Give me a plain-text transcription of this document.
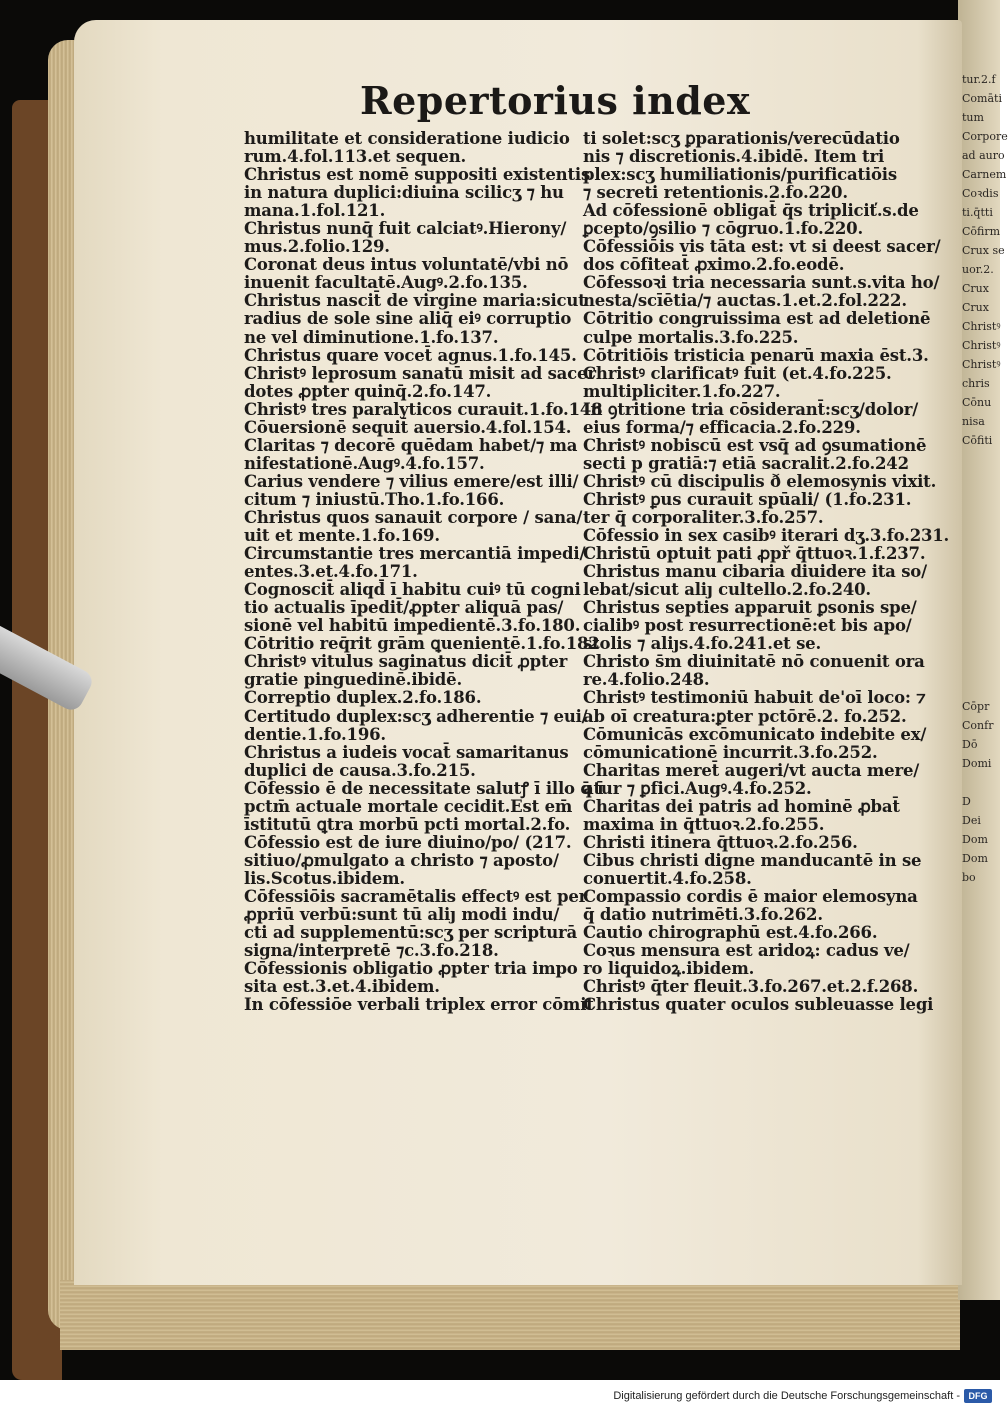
tur.2.f
Comāti
tum
Corpore
ad auro
Carnem
Coꝛdis
ti.q̄tti
Cōfirm
Crux se
uor.2.
Crux
Crux
Christꝰ
Christꝰ
Christꝰ
chris
Cōnu
nisa
Cōfiti
Cōpr
Confr
Dō
Domi
D
Dei
Dom
Dom
bo
Repertorius index
humilitate et consideratione iudicio
rum.4.fol.113.et sequen.
Christus est nomē suppositi existentis
in natura duplici:diuina scilicʒ ⁊ hu
mana.1.fol.121.
Christus nunq̄ fuit calciatꝰ.Hierony/
mus.2.folio.129.
Coronat deus intus voluntatē/vbi nō
inuenit facultatē.Augꝰ.2.fo.135.
Christus nascit̄ de virgine maria:sicut
radius de sole sine aliq̄ eiꝰ corruptio
ne vel diminutione.1.fo.137.
Christus quare vocet̄ agnus.1.fo.145.
Christꝰ leprosum sanatū misit ad sacer
dotes ꝓpter quinq̄.2.fo.147.
Christꝰ tres paralyticos curauit.1.fo.148
Cōuersionē sequit̄ auersio.4.fol.154.
Claritas ⁊ decorē quēdam habet/⁊ ma
nifestationē.Augꝰ.4.fo.157.
Carius vendere ⁊ vilius emere/est illi/
citum ⁊ iniustū.Tho.1.fo.166.
Christus quos sanauit corpore / sana/
uit et mente.1.fo.169.
Circumstantie tres mercantiā impedi/
entes.3.et.4.fo.171.
Cognoscit̄ aliqd̄ ī habitu cuiꝰ tū cogni
tio actualis īpedit̄/ꝓpter aliquā pas/
sionē vel habitū impedientē.3.fo.180.
Cōtritio req̄rit grām ꝗuenientē.1.fo.182
Christꝰ vitulus saginatus dicit̄ ꝓpter
gratie pinguedinē.ibidē.
Correptio duplex.2.fo.186.
Certitudo duplex:scʒ adherentie ⁊ eui/
dentie.1.fo.196.
Christus a iudeis vocat̄ samaritanus
duplici de causa.3.fo.215.
Cōfessio ē de necessitate salutꝭ ī illo q̄ ī
pctm̄ actuale mortale cecidit.Est em̄
īstitutū ꝗtra morbū pcti mortal.2.fo.
Cōfessio est de iure diuino/po/ (217.
sitiuo/ꝓmulgato a christo ⁊ aposto/
lis.Scotus.ibidem.
Cōfessiōis sacramētalis effectꝰ est per
ꝓpriū verbū:sunt tū aliȷ modi indu/
cti ad supplementū:scʒ per scripturā
signa/interpretē ⁊c.3.fo.218.
Cōfessionis obligatio ꝓpter tria impo
sita est.3.et.4.ibidem.
In cōfessiōe verbali triplex error cōmit
ti solet:scʒ ꝑparationis/verecūdatio
nis ⁊ discretionis.4.ibidē. Item tri
plex:scʒ humiliationis/purificatiōis
⁊ secreti retentionis.2.fo.220.
Ad cōfessionē obligat̄ q̄s tripliciť.s.de
ꝑcepto/ꝯsilio ⁊ cōgruo.1.fo.220.
Cōfessiōis vis tāta est: vt si deest sacer/
dos cōfiteat̄ ꝓximo.2.fo.eodē.
Cōfessoꝛi tria necessaria sunt.s.vita ho/
nesta/scīētia/⁊ auctas.1.et.2.fol.222.
Cōtritio congruissima est ad deletionē
culpe mortalis.3.fo.225.
Cōtritiōis tristicia penarū maxia ēst.3.
Christꝰ clarificatꝰ fuit (et.4.fo.225.
multipliciter.1.fo.227.
In ꝯtritione tria cōsiderant̄:scʒ/dolor/
eius forma/⁊ efficacia.2.fo.229.
Christꝰ nobiscū est vsq̄ ad ꝯsumationē
secti p gratiā:⁊ etiā sacralit.2.fo.242
Christꝰ cū discipulis ð elemosynis vixit.
Christꝰ ꝑus curauit spūali/ (1.fo.231.
ter q̄ corporaliter.3.fo.257.
Cōfessio in sex casibꝰ iterari dʒ.3.fo.231.
Christū optuit pati ꝓpř q̄ttuoꝛ.1.f.237.
Christus manu cibaria diuidere ita so/
lebat/sicut aliȷ cultello.2.fo.240.
Christus septies apparuit ꝑsonis spe/
cialibꝰ post resurrectionē:et bis apo/
stolis ⁊ aliȷs.4.fo.241.et se.
Christo s̄m diuinitatē nō conuenit ora
re.4.folio.248.
Christꝰ testimoniū habuit de'oī loco: ⁊
ab oī creatura:ꝑter pctōrē.2. fo.252.
Cōmunicās excōmunicato indebite ex/
cōmunicationē incurrit.3.fo.252.
Charitas meret̄ augeri/vt aucta mere/
atur ⁊ ꝑfici.Augꝰ.4.fo.252.
Charitas dei patris ad hominē ꝓbat̄
maxima in q̄ttuoꝛ.2.fo.255.
Christi itinera q̄ttuoꝛ.2.fo.256.
Cibus christi digne manducantē in se
conuertit.4.fo.258.
Compassio cordis ē maior elemosyna
q̄ datio nutrimēti.3.fo.262.
Cautio chirographū est.4.fo.266.
Coꝛus mensura est aridoꝝ: cadus ve/
ro liquidoꝝ.ibidem.
Christꝰ q̄ter fleuit.3.fo.267.et.2.f.268.
Christus quater oculos subleuasse legi
Digitalisierung gefördert durch die Deutsche Forschungsgemeinschaft - DFG
